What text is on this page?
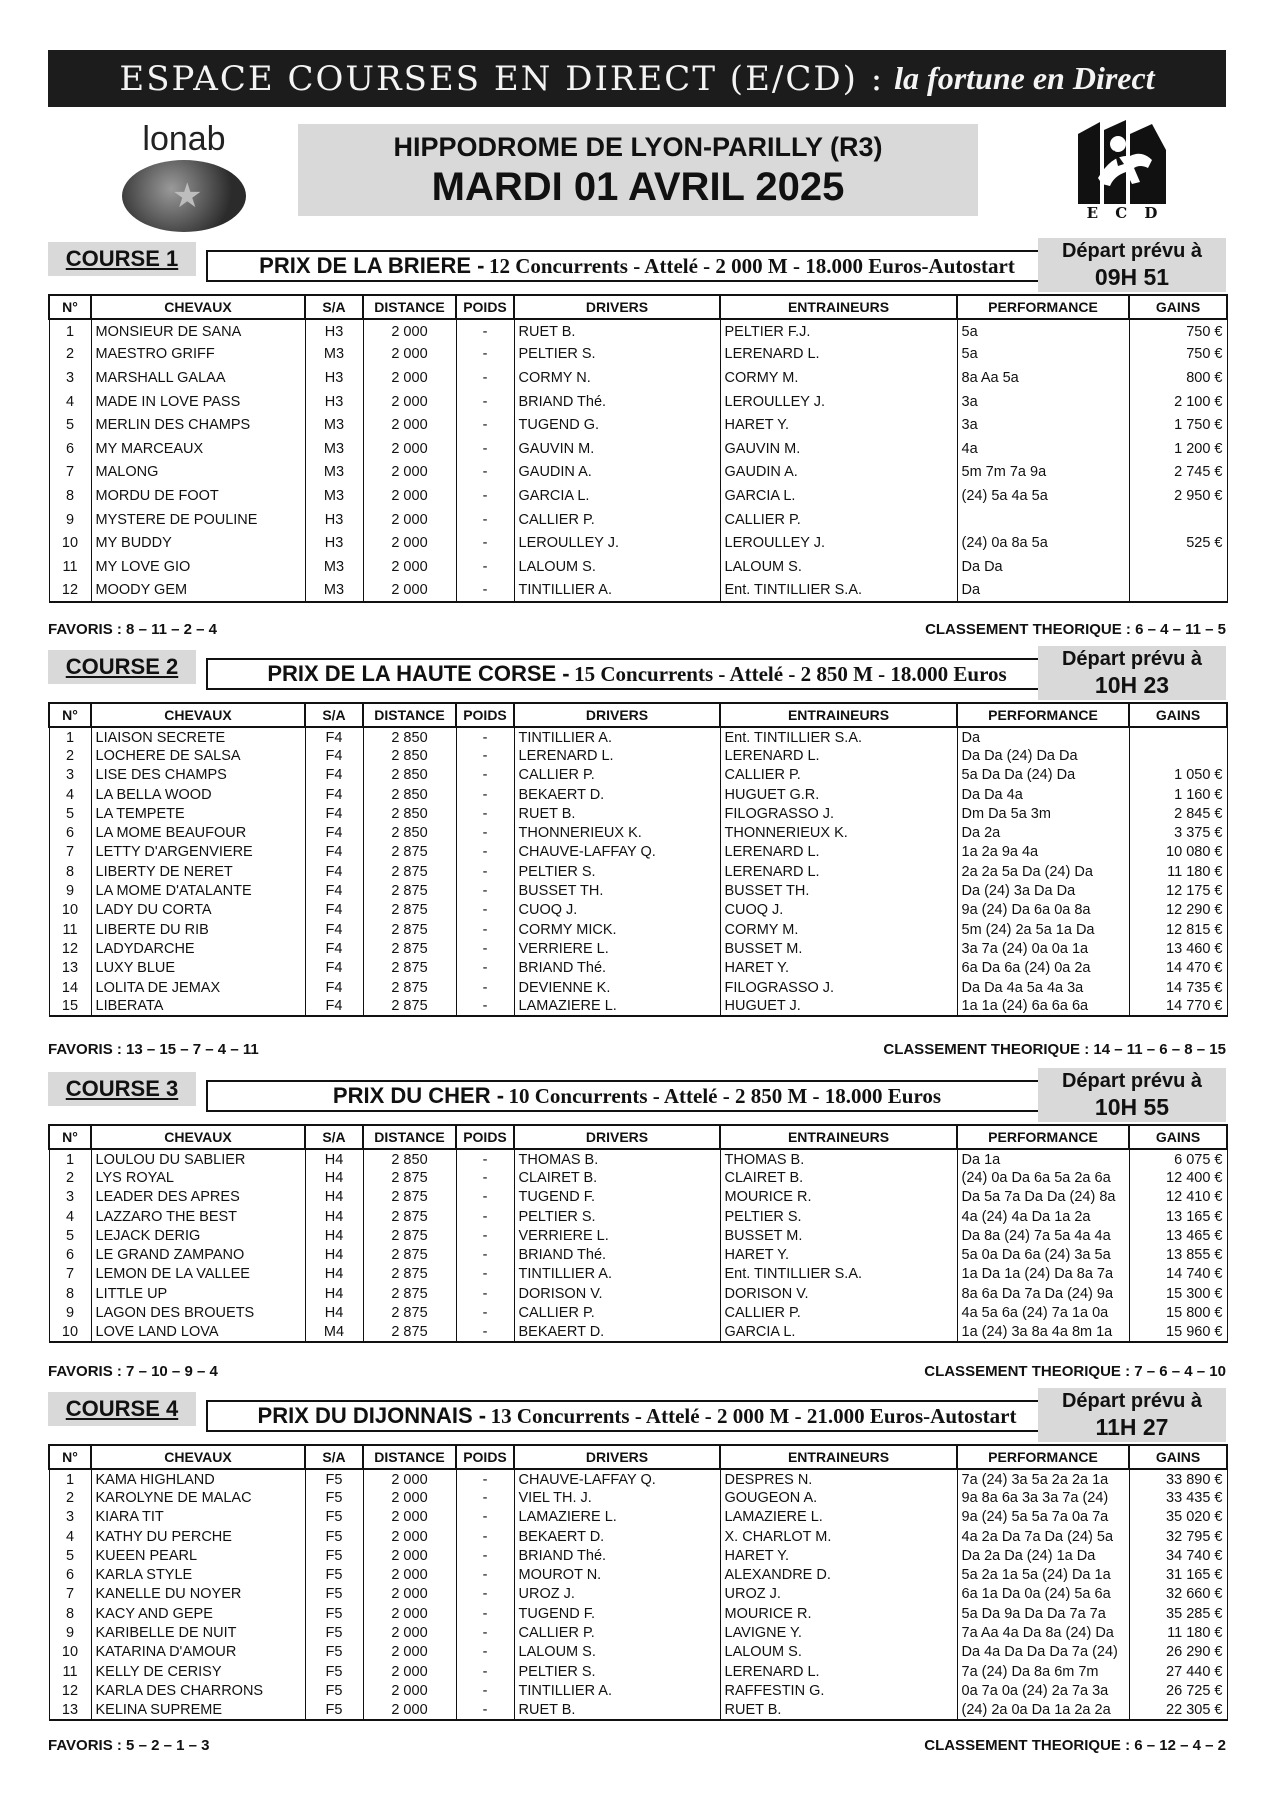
ESPACE COURSES EN DIRECT (E/CD) : la fortune en Direct
lonab
★
HIPPODROME DE LYON-PARILLY (R3)
MARDI 01 AVRIL 2025
E C D
COURSE 1	PRIX DE LA BRIERE - 12 Concurrents - Attelé - 2 000 M - 18.000 Euros-Autostart
Départ prévu à
09H 51
N°	CHEVAUX	S/A	DISTANCE	POIDS	DRIVERS	ENTRAINEURS	PERFORMANCE	GAINS
1	MONSIEUR DE SANA	H3	2 000	-	RUET B.	PELTIER F.J.	5a	750 €
2	MAESTRO GRIFF	M3	2 000	-	PELTIER S.	LERENARD L.	5a	750 €
3	MARSHALL GALAA	H3	2 000	-	CORMY N.	CORMY M.	8a Aa 5a	800 €
4	MADE IN LOVE PASS	H3	2 000	-	BRIAND Thé.	LEROULLEY J.	3a	2 100 €
5	MERLIN DES CHAMPS	M3	2 000	-	TUGEND G.	HARET Y.	3a	1 750 €
6	MY MARCEAUX	M3	2 000	-	GAUVIN M.	GAUVIN M.	4a	1 200 €
7	MALONG	M3	2 000	-	GAUDIN A.	GAUDIN A.	5m 7m 7a 9a	2 745 €
8	MORDU DE FOOT	M3	2 000	-	GARCIA L.	GARCIA L.	(24) 5a 4a 5a	2 950 €
9	MYSTERE DE POULINE	H3	2 000	-	CALLIER P.	CALLIER P.		
10	MY BUDDY	H3	2 000	-	LEROULLEY J.	LEROULLEY J.	(24) 0a 8a 5a	525 €
11	MY LOVE GIO	M3	2 000	-	LALOUM S.	LALOUM S.	Da Da	
12	MOODY GEM	M3	2 000	-	TINTILLIER A.	Ent. TINTILLIER S.A.	Da	
FAVORIS : 8 – 11 – 2 – 4	CLASSEMENT THEORIQUE : 6 – 4 – 11 – 5
COURSE 2	PRIX DE LA HAUTE CORSE - 15 Concurrents - Attelé - 2 850 M - 18.000 Euros
Départ prévu à
10H 23
N°	CHEVAUX	S/A	DISTANCE	POIDS	DRIVERS	ENTRAINEURS	PERFORMANCE	GAINS
1	LIAISON SECRETE	F4	2 850	-	TINTILLIER A.	Ent. TINTILLIER S.A.	Da	
2	LOCHERE DE SALSA	F4	2 850	-	LERENARD L.	LERENARD L.	Da Da (24) Da Da	
3	LISE DES CHAMPS	F4	2 850	-	CALLIER P.	CALLIER P.	5a Da Da (24) Da	1 050 €
4	LA BELLA WOOD	F4	2 850	-	BEKAERT D.	HUGUET G.R.	Da Da 4a	1 160 €
5	LA TEMPETE	F4	2 850	-	RUET B.	FILOGRASSO J.	Dm Da 5a 3m	2 845 €
6	LA MOME BEAUFOUR	F4	2 850	-	THONNERIEUX K.	THONNERIEUX K.	Da 2a	3 375 €
7	LETTY D'ARGENVIERE	F4	2 875	-	CHAUVE-LAFFAY Q.	LERENARD L.	1a 2a 9a 4a	10 080 €
8	LIBERTY DE NERET	F4	2 875	-	PELTIER S.	LERENARD L.	2a 2a 5a Da (24) Da	11 180 €
9	LA MOME D'ATALANTE	F4	2 875	-	BUSSET TH.	BUSSET TH.	Da (24) 3a Da Da	12 175 €
10	LADY DU CORTA	F4	2 875	-	CUOQ J.	CUOQ J.	9a (24) Da 6a 0a 8a	12 290 €
11	LIBERTE DU RIB	F4	2 875	-	CORMY MICK.	CORMY M.	5m (24) 2a 5a 1a Da	12 815 €
12	LADYDARCHE	F4	2 875	-	VERRIERE L.	BUSSET M.	3a 7a (24) 0a 0a 1a	13 460 €
13	LUXY BLUE	F4	2 875	-	BRIAND Thé.	HARET Y.	6a Da 6a (24) 0a 2a	14 470 €
14	LOLITA DE JEMAX	F4	2 875	-	DEVIENNE K.	FILOGRASSO J.	Da Da 4a 5a 4a 3a	14 735 €
15	LIBERATA	F4	2 875	-	LAMAZIERE L.	HUGUET J.	1a 1a (24) 6a 6a 6a	14 770 €
FAVORIS : 13 – 15 – 7 – 4 – 11	CLASSEMENT THEORIQUE : 14 – 11 – 6 – 8 – 15
COURSE 3	PRIX DU CHER - 10 Concurrents - Attelé - 2 850 M - 18.000 Euros
Départ prévu à
10H 55
N°	CHEVAUX	S/A	DISTANCE	POIDS	DRIVERS	ENTRAINEURS	PERFORMANCE	GAINS
1	LOULOU DU SABLIER	H4	2 850	-	THOMAS B.	THOMAS B.	Da 1a	6 075 €
2	LYS ROYAL	H4	2 875	-	CLAIRET B.	CLAIRET B.	(24) 0a Da 6a 5a 2a 6a	12 400 €
3	LEADER DES APRES	H4	2 875	-	TUGEND F.	MOURICE R.	Da 5a 7a Da Da (24) 8a	12 410 €
4	LAZZARO THE BEST	H4	2 875	-	PELTIER S.	PELTIER S.	4a (24) 4a Da 1a 2a	13 165 €
5	LEJACK DERIG	H4	2 875	-	VERRIERE L.	BUSSET M.	Da 8a (24) 7a 5a 4a 4a	13 465 €
6	LE GRAND ZAMPANO	H4	2 875	-	BRIAND Thé.	HARET Y.	5a 0a Da 6a (24) 3a 5a	13 855 €
7	LEMON DE LA VALLEE	H4	2 875	-	TINTILLIER A.	Ent. TINTILLIER S.A.	1a Da 1a (24) Da 8a 7a	14 740 €
8	LITTLE UP	H4	2 875	-	DORISON V.	DORISON V.	8a 6a Da 7a Da (24) 9a	15 300 €
9	LAGON DES BROUETS	H4	2 875	-	CALLIER P.	CALLIER P.	4a 5a 6a (24) 7a 1a 0a	15 800 €
10	LOVE LAND LOVA	M4	2 875	-	BEKAERT D.	GARCIA L.	1a (24) 3a 8a 4a 8m 1a	15 960 €
FAVORIS : 7 – 10 – 9 – 4	CLASSEMENT THEORIQUE : 7 – 6 – 4 – 10
COURSE 4	PRIX DU DIJONNAIS - 13 Concurrents - Attelé - 2 000 M - 21.000 Euros-Autostart
Départ prévu à
11H 27
N°	CHEVAUX	S/A	DISTANCE	POIDS	DRIVERS	ENTRAINEURS	PERFORMANCE	GAINS
1	KAMA HIGHLAND	F5	2 000	-	CHAUVE-LAFFAY Q.	DESPRES N.	7a (24) 3a 5a 2a 2a 1a	33 890 €
2	KAROLYNE DE MALAC	F5	2 000	-	VIEL TH. J.	GOUGEON A.	9a 8a 6a 3a 3a 7a (24)	33 435 €
3	KIARA TIT	F5	2 000	-	LAMAZIERE L.	LAMAZIERE L.	9a (24) 5a 5a 7a 0a 7a	35 020 €
4	KATHY DU PERCHE	F5	2 000	-	BEKAERT D.	X. CHARLOT M.	4a 2a Da 7a Da (24) 5a	32 795 €
5	KUEEN PEARL	F5	2 000	-	BRIAND Thé.	HARET Y.	Da 2a Da (24) 1a Da	34 740 €
6	KARLA STYLE	F5	2 000	-	MOUROT N.	ALEXANDRE D.	5a 2a 1a 5a (24) Da 1a	31 165 €
7	KANELLE DU NOYER	F5	2 000	-	UROZ J.	UROZ J.	6a 1a Da 0a (24) 5a 6a	32 660 €
8	KACY AND GEPE	F5	2 000	-	TUGEND F.	MOURICE R.	5a Da 9a Da Da 7a 7a	35 285 €
9	KARIBELLE DE NUIT	F5	2 000	-	CALLIER P.	LAVIGNE Y.	7a Aa 4a Da 8a (24) Da	11 180 €
10	KATARINA D'AMOUR	F5	2 000	-	LALOUM S.	LALOUM S.	Da 4a Da Da Da 7a (24)	26 290 €
11	KELLY DE CERISY	F5	2 000	-	PELTIER S.	LERENARD L.	7a (24) Da 8a 6m 7m	27 440 €
12	KARLA DES CHARRONS	F5	2 000	-	TINTILLIER A.	RAFFESTIN G.	0a 7a 0a (24) 2a 7a 3a	26 725 €
13	KELINA SUPREME	F5	2 000	-	RUET B.	RUET B.	(24) 2a 0a Da 1a 2a 2a	22 305 €
FAVORIS : 5 – 2 – 1 – 3	CLASSEMENT THEORIQUE : 6 – 12 – 4 – 2
